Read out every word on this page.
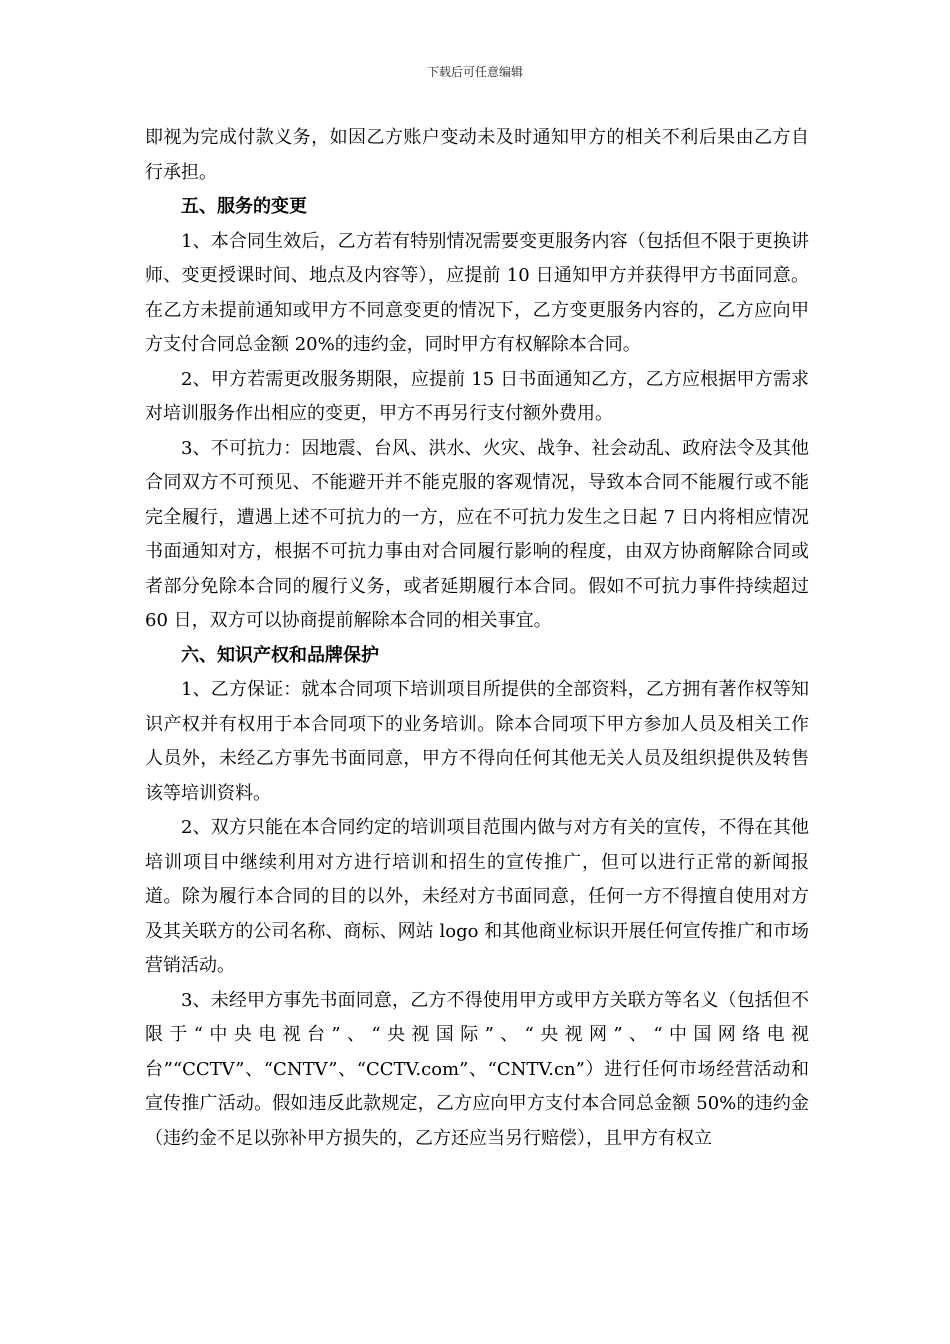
下载后可任意编辑

即视为完成付款义务，如因乙方账户变动未及时通知甲方的相关不利后果由乙方自行承担。

五、服务的变更

1、本合同生效后，乙方若有特别情况需要变更服务内容（包括但不限于更换讲师、变更授课时间、地点及内容等），应提前 10 日通知甲方并获得甲方书面同意。在乙方未提前通知或甲方不同意变更的情况下，乙方变更服务内容的，乙方应向甲方支付合同总金额 20%的违约金，同时甲方有权解除本合同。

2、甲方若需更改服务期限，应提前 15 日书面通知乙方，乙方应根据甲方需求对培训服务作出相应的变更，甲方不再另行支付额外费用。

3、不可抗力：因地震、台风、洪水、火灾、战争、社会动乱、政府法令及其他合同双方不可预见、不能避开并不能克服的客观情况，导致本合同不能履行或不能完全履行，遭遇上述不可抗力的一方，应在不可抗力发生之日起 7 日内将相应情况书面通知对方，根据不可抗力事由对合同履行影响的程度，由双方协商解除合同或者部分免除本合同的履行义务，或者延期履行本合同。假如不可抗力事件持续超过 60 日，双方可以协商提前解除本合同的相关事宜。

六、知识产权和品牌保护

1、乙方保证：就本合同项下培训项目所提供的全部资料，乙方拥有著作权等知识产权并有权用于本合同项下的业务培训。除本合同项下甲方参加人员及相关工作人员外，未经乙方事先书面同意，甲方不得向任何其他无关人员及组织提供及转售该等培训资料。

2、双方只能在本合同约定的培训项目范围内做与对方有关的宣传，不得在其他培训项目中继续利用对方进行培训和招生的宣传推广，但可以进行正常的新闻报道。除为履行本合同的目的以外，未经对方书面同意，任何一方不得擅自使用对方及其关联方的公司名称、商标、网站 logo 和其他商业标识开展任何宣传推广和市场营销活动。

3、未经甲方事先书面同意，乙方不得使用甲方或甲方关联方等名义（包括但不限于“中央电视台”、“央视国际”、“央视网”、“中国网络电视台”“CCTV”、“CNTV”、“CCTV.com”、“CNTV.cn”）进行任何市场经营活动和宣传推广活动。假如违反此款规定，乙方应向甲方支付本合同总金额 50%的违约金（违约金不足以弥补甲方损失的，乙方还应当另行赔偿），且甲方有权立
